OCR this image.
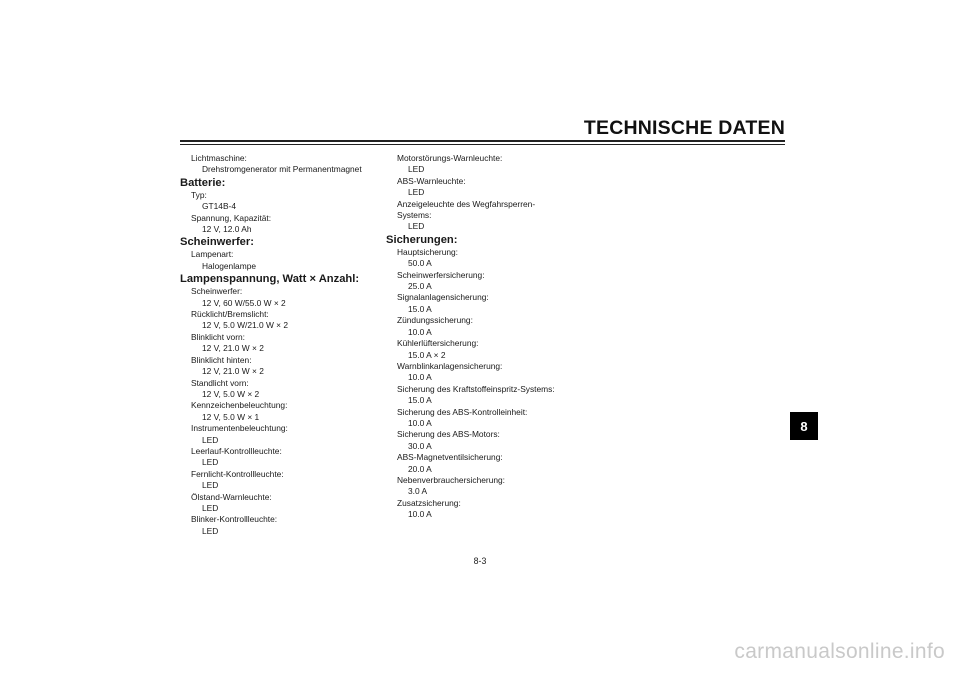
TECHNISCHE DATEN
Lichtmaschine:
Drehstromgenerator mit Permanentmagnet
Batterie:
Typ:
GT14B-4
Spannung, Kapazität:
12 V, 12.0 Ah
Scheinwerfer:
Lampenart:
Halogenlampe
Lampenspannung, Watt × Anzahl:
Scheinwerfer:
12 V, 60 W/55.0 W × 2
Rücklicht/Bremslicht:
12 V, 5.0 W/21.0 W × 2
Blinklicht vorn:
12 V, 21.0 W × 2
Blinklicht hinten:
12 V, 21.0 W × 2
Standlicht vorn:
12 V, 5.0 W × 2
Kennzeichenbeleuchtung:
12 V, 5.0 W × 1
Instrumentenbeleuchtung:
LED
Leerlauf-Kontrollleuchte:
LED
Fernlicht-Kontrollleuchte:
LED
Ölstand-Warnleuchte:
LED
Blinker-Kontrollleuchte:
LED
Motorstörungs-Warnleuchte:
LED
ABS-Warnleuchte:
LED
Anzeigeleuchte des Wegfahrsperren-
Systems:
LED
Sicherungen:
Hauptsicherung:
50.0 A
Scheinwerfersicherung:
25.0 A
Signalanlagensicherung:
15.0 A
Zündungssicherung:
10.0 A
Kühlerlüftersicherung:
15.0 A × 2
Warnblinkanlagensicherung:
10.0 A
Sicherung des Kraftstoffeinspritz-Systems:
15.0 A
Sicherung des ABS-Kontrolleinheit:
10.0 A
Sicherung des ABS-Motors:
30.0 A
ABS-Magnetventilsicherung:
20.0 A
Nebenverbrauchersicherung:
3.0 A
Zusatzsicherung:
10.0 A
8-3
8
carmanualsonline.info
